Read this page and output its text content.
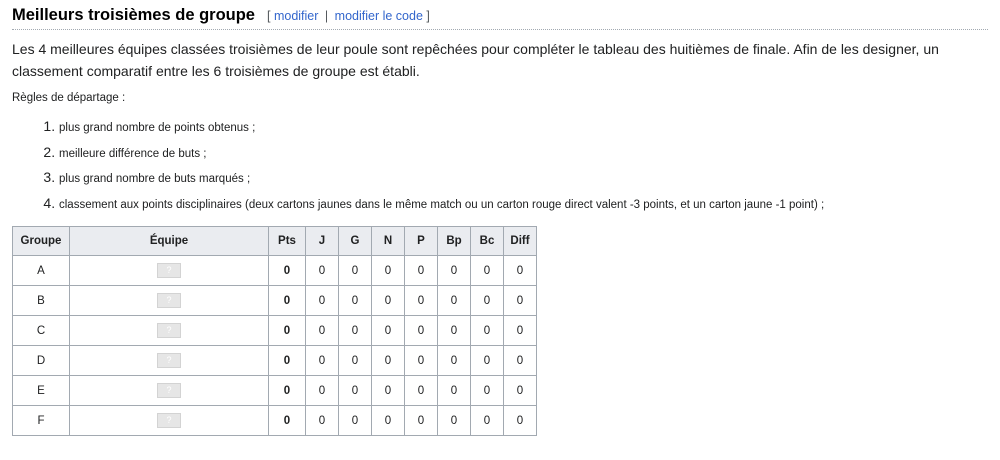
Meilleurs troisièmes de groupe [ modifier | modifier le code ]

Les 4 meilleures équipes classées troisièmes de leur poule sont repêchées pour compléter le tableau des huitièmes de finale. Afin de les designer, un
classement comparatif entre les 6 troisièmes de groupe est établi.

Règles de départage :

1. plus grand nombre de points obtenus ;
2. meilleure différence de buts ;
3. plus grand nombre de buts marqués ;
4. classement aux points disciplinaires (deux cartons jaunes dans le même match ou un carton rouge direct valent -3 points, et un carton jaune -1 point) ;
Groupe	Équipe	Pts	J	G	N	P	Bp	Bc	Diff
A	?	0	0	0	0	0	0	0	0
B	?	0	0	0	0	0	0	0	0
C	?	0	0	0	0	0	0	0	0
D	?	0	0	0	0	0	0	0	0
E	?	0	0	0	0	0	0	0	0
F	?	0	0	0	0	0	0	0	0
